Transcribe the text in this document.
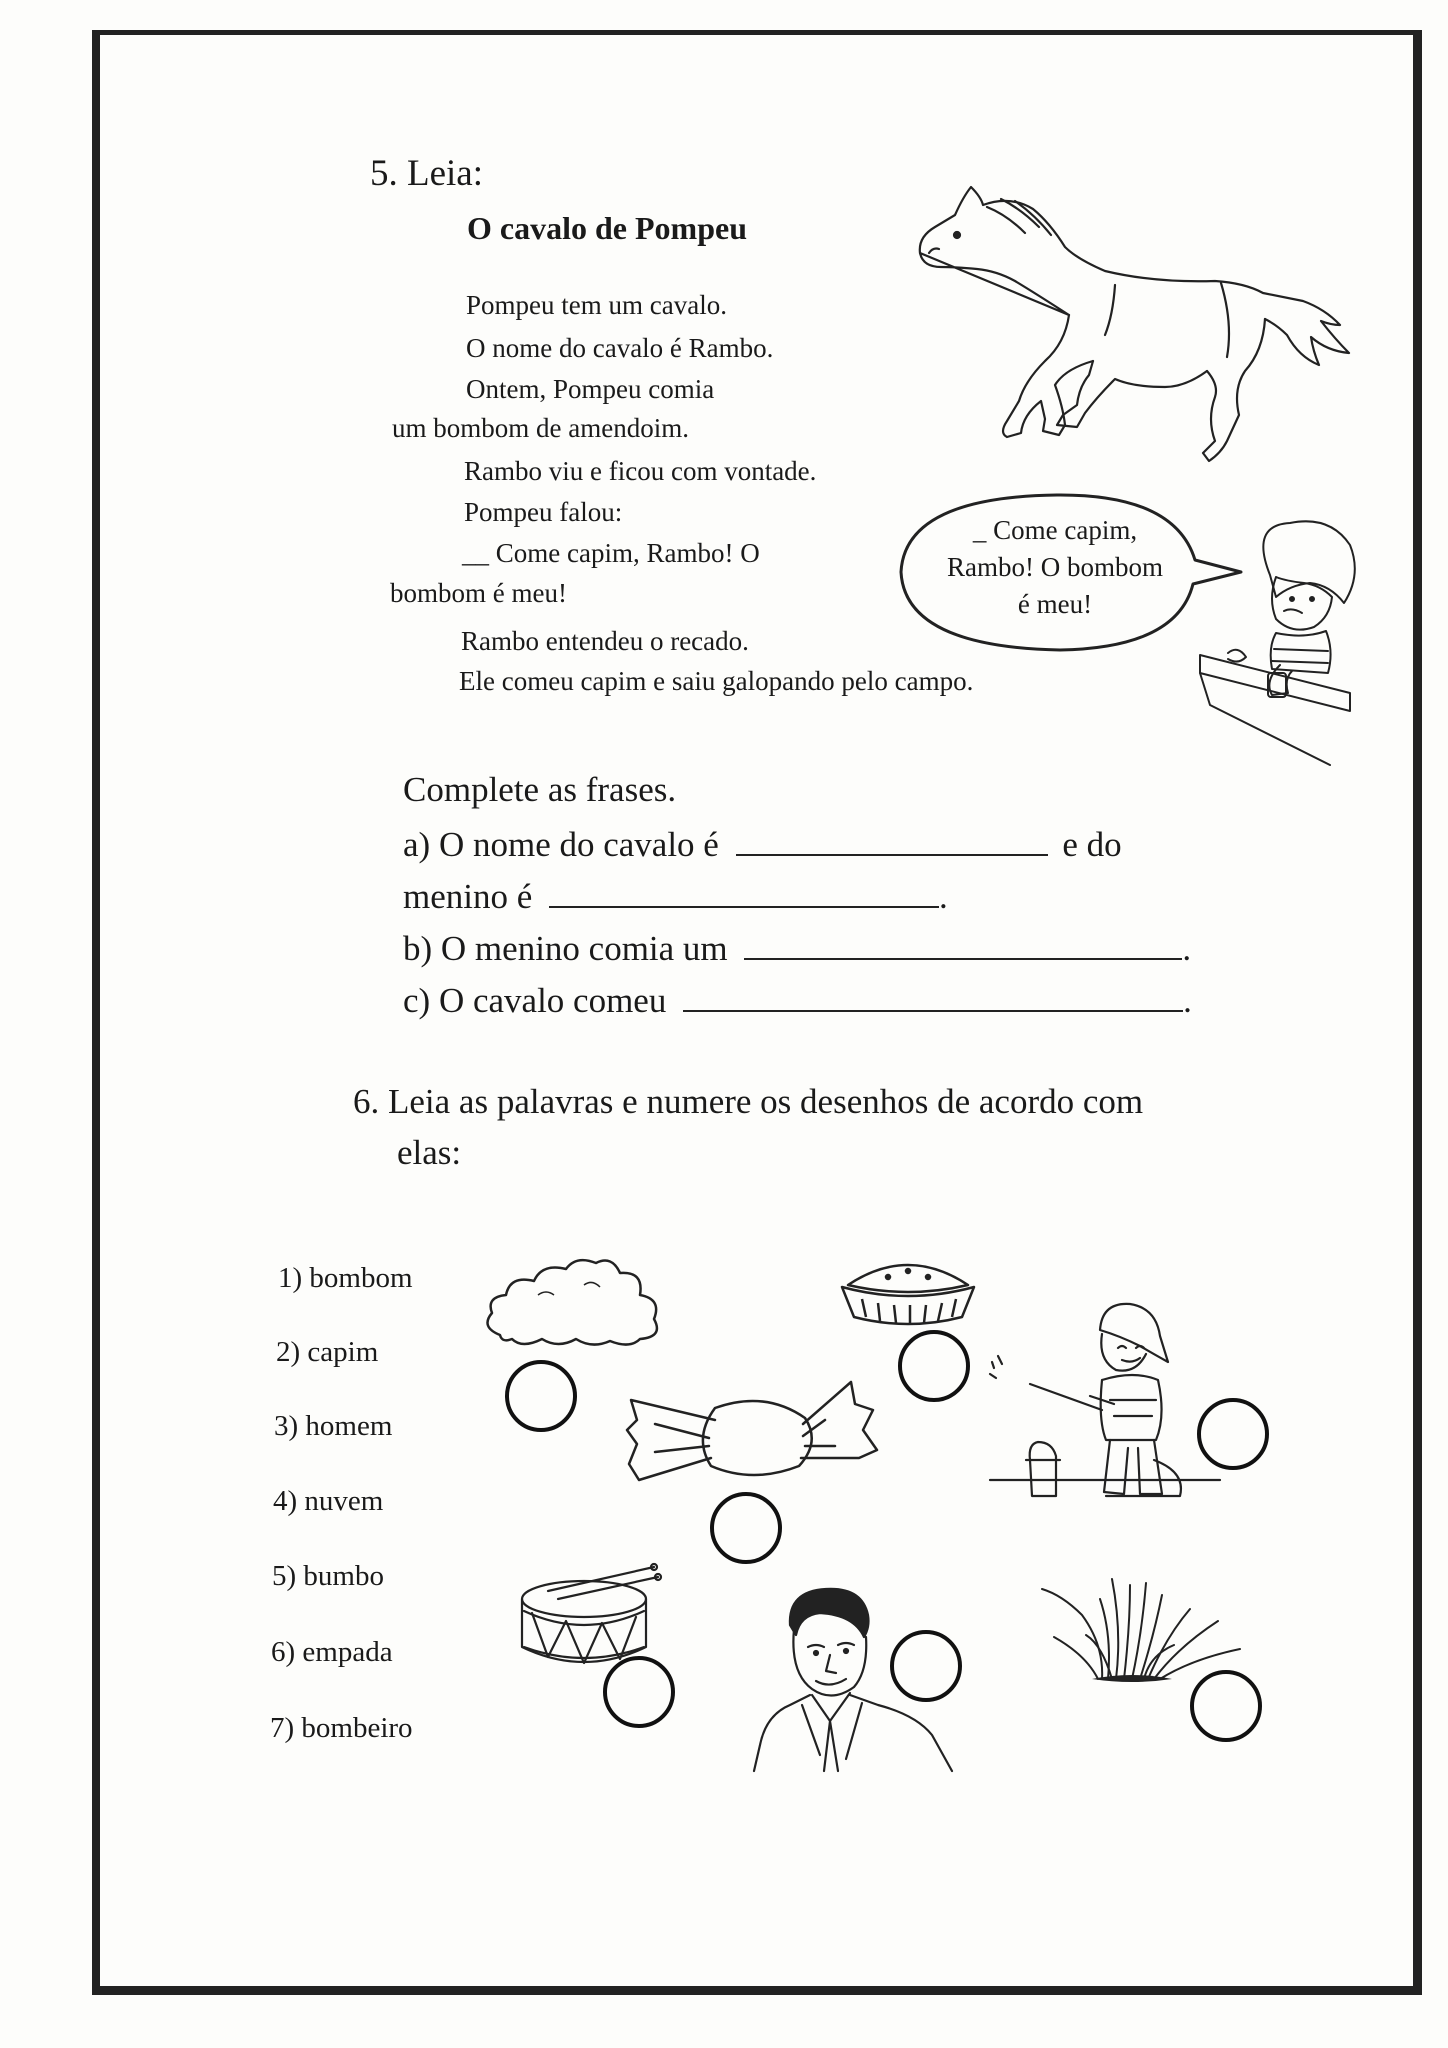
5. Leia:
O cavalo de Pompeu
Pompeu tem um cavalo.
O nome do cavalo é Rambo.
Ontem, Pompeu comia
um bombom de amendoim.
Rambo viu e ficou com vontade.
Pompeu falou:
__ Come capim, Rambo! O
bombom é meu!
Rambo entendeu o recado.
Ele comeu capim e saiu galopando pelo campo.
_ Come capim,
Rambo! O bombom
é meu!
Complete as frases.
a) O nome do cavalo é	e do
menino é	.
b) O menino comia um	.
c) O cavalo comeu	.
6. Leia as palavras e numere os desenhos de acordo com
elas:
1) bombom
2) capim
3) homem
4) nuvem
5) bumbo
6) empada
7) bombeiro
